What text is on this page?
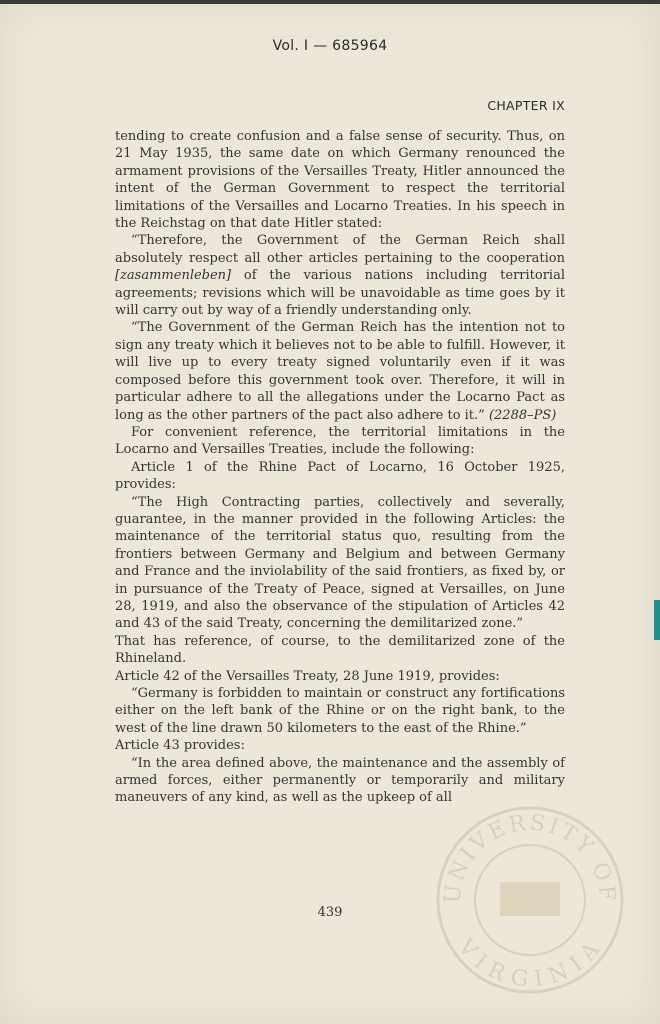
Vol. I — 685964
CHAPTER IX

tending to create confusion and a false sense of security. Thus, on 21 May 1935, the same date on which Germany renounced the armament provisions of the Versailles Treaty, Hitler announced the intent of the German Government to respect the territorial limitations of the Versailles and Locarno Treaties. In his speech in the Reichstag on that date Hitler stated:

“Therefore, the Government of the German Reich shall absolutely respect all other articles pertaining to the cooperation [zasammenleben] of the various nations including territorial agreements; revisions which will be unavoidable as time goes by it will carry out by way of a friendly understanding only.

“The Government of the German Reich has the intention not to sign any treaty which it believes not to be able to fulfill. However, it will live up to every treaty signed voluntarily even if it was composed before this government took over. Therefore, it will in particular adhere to all the allegations under the Locarno Pact as long as the other partners of the pact also adhere to it.” (2288–PS)

For convenient reference, the territorial limitations in the Locarno and Versailles Treaties, include the following:

Article 1 of the Rhine Pact of Locarno, 16 October 1925, provides:

“The High Contracting parties, collectively and severally, guarantee, in the manner provided in the following Articles: the maintenance of the territorial status quo, resulting from the frontiers between Germany and Belgium and between Germany and France and the inviolability of the said frontiers, as fixed by, or in pursuance of the Treaty of Peace, signed at Versailles, on June 28, 1919, and also the observance of the stipulation of Articles 42 and 43 of the said Treaty, concerning the demilitarized zone.”

That has reference, of course, to the demilitarized zone of the Rhineland.

Article 42 of the Versailles Treaty, 28 June 1919, provides:

“Germany is forbidden to maintain or construct any fortifications either on the left bank of the Rhine or on the right bank, to the west of the line drawn 50 kilometers to the east of the Rhine.”

Article 43 provides:

“In the area defined above, the maintenance and the assembly of armed forces, either permanently or temporarily and military maneuvers of any kind, as well as the upkeep of all

439
UNIVERSITY OF
VIRGINIA
